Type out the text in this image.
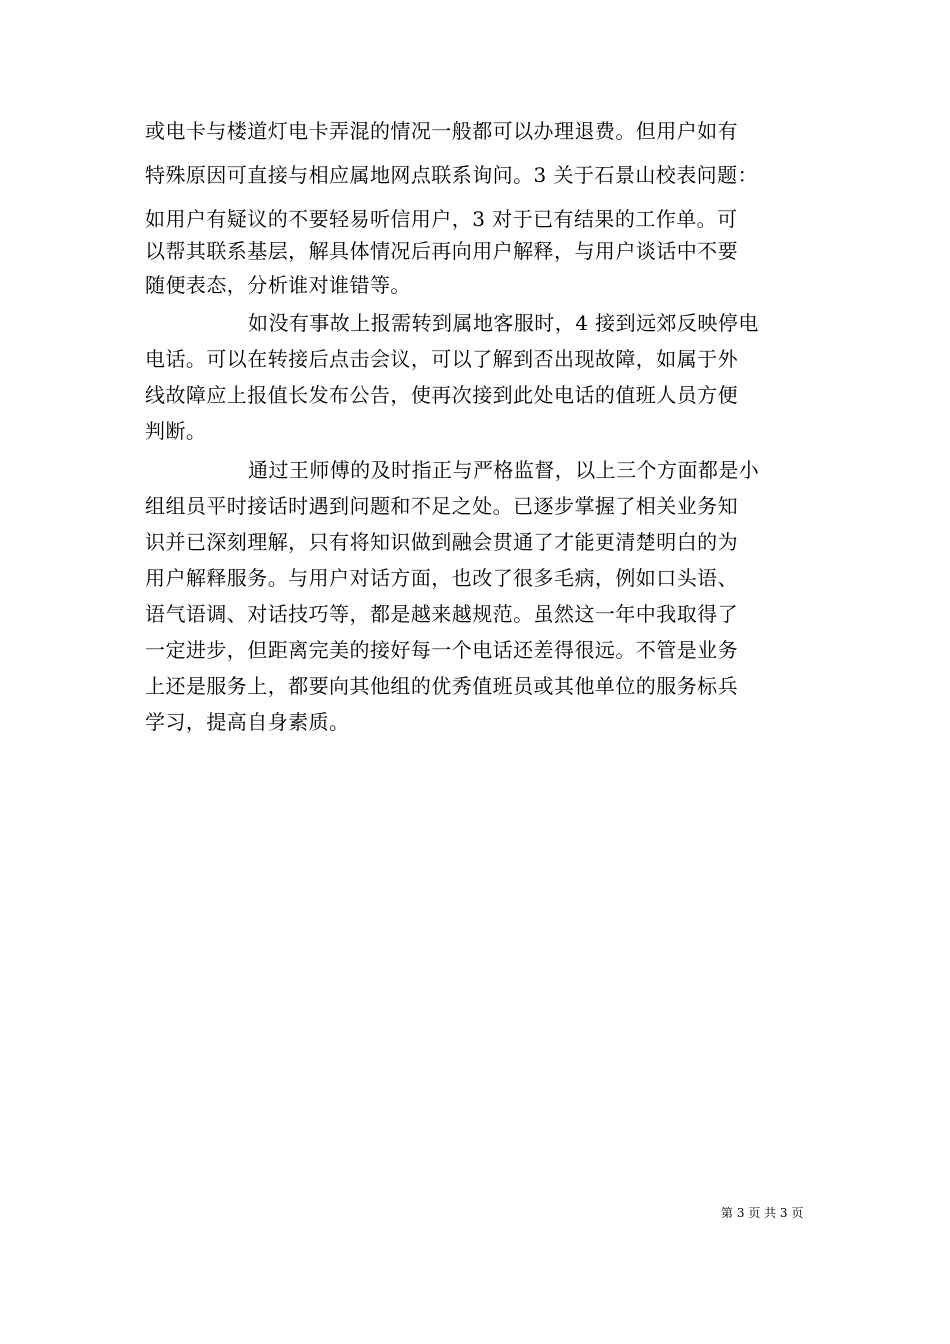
或电卡与楼道灯电卡弄混的情况一般都可以办理退费。但用户如有
特殊原因可直接与相应属地网点联系询问。3 关于石景山校表问题：
如用户有疑议的不要轻易听信用户，3 对于已有结果的工作单。可
以帮其联系基层，解具体情况后再向用户解释，与用户谈话中不要
随便表态，分析谁对谁错等。
如没有事故上报需转到属地客服时，4 接到远郊反映停电
电话。可以在转接后点击会议，可以了解到否出现故障，如属于外
线故障应上报值长发布公告，使再次接到此处电话的值班人员方便
判断。
通过王师傅的及时指正与严格监督，以上三个方面都是小
组组员平时接话时遇到问题和不足之处。已逐步掌握了相关业务知
识并已深刻理解，只有将知识做到融会贯通了才能更清楚明白的为
用户解释服务。与用户对话方面，也改了很多毛病，例如口头语、
语气语调、对话技巧等，都是越来越规范。虽然这一年中我取得了
一定进步，但距离完美的接好每一个电话还差得很远。不管是业务
上还是服务上，都要向其他组的优秀值班员或其他单位的服务标兵
学习，提高自身素质。
第 3 页 共 3 页
